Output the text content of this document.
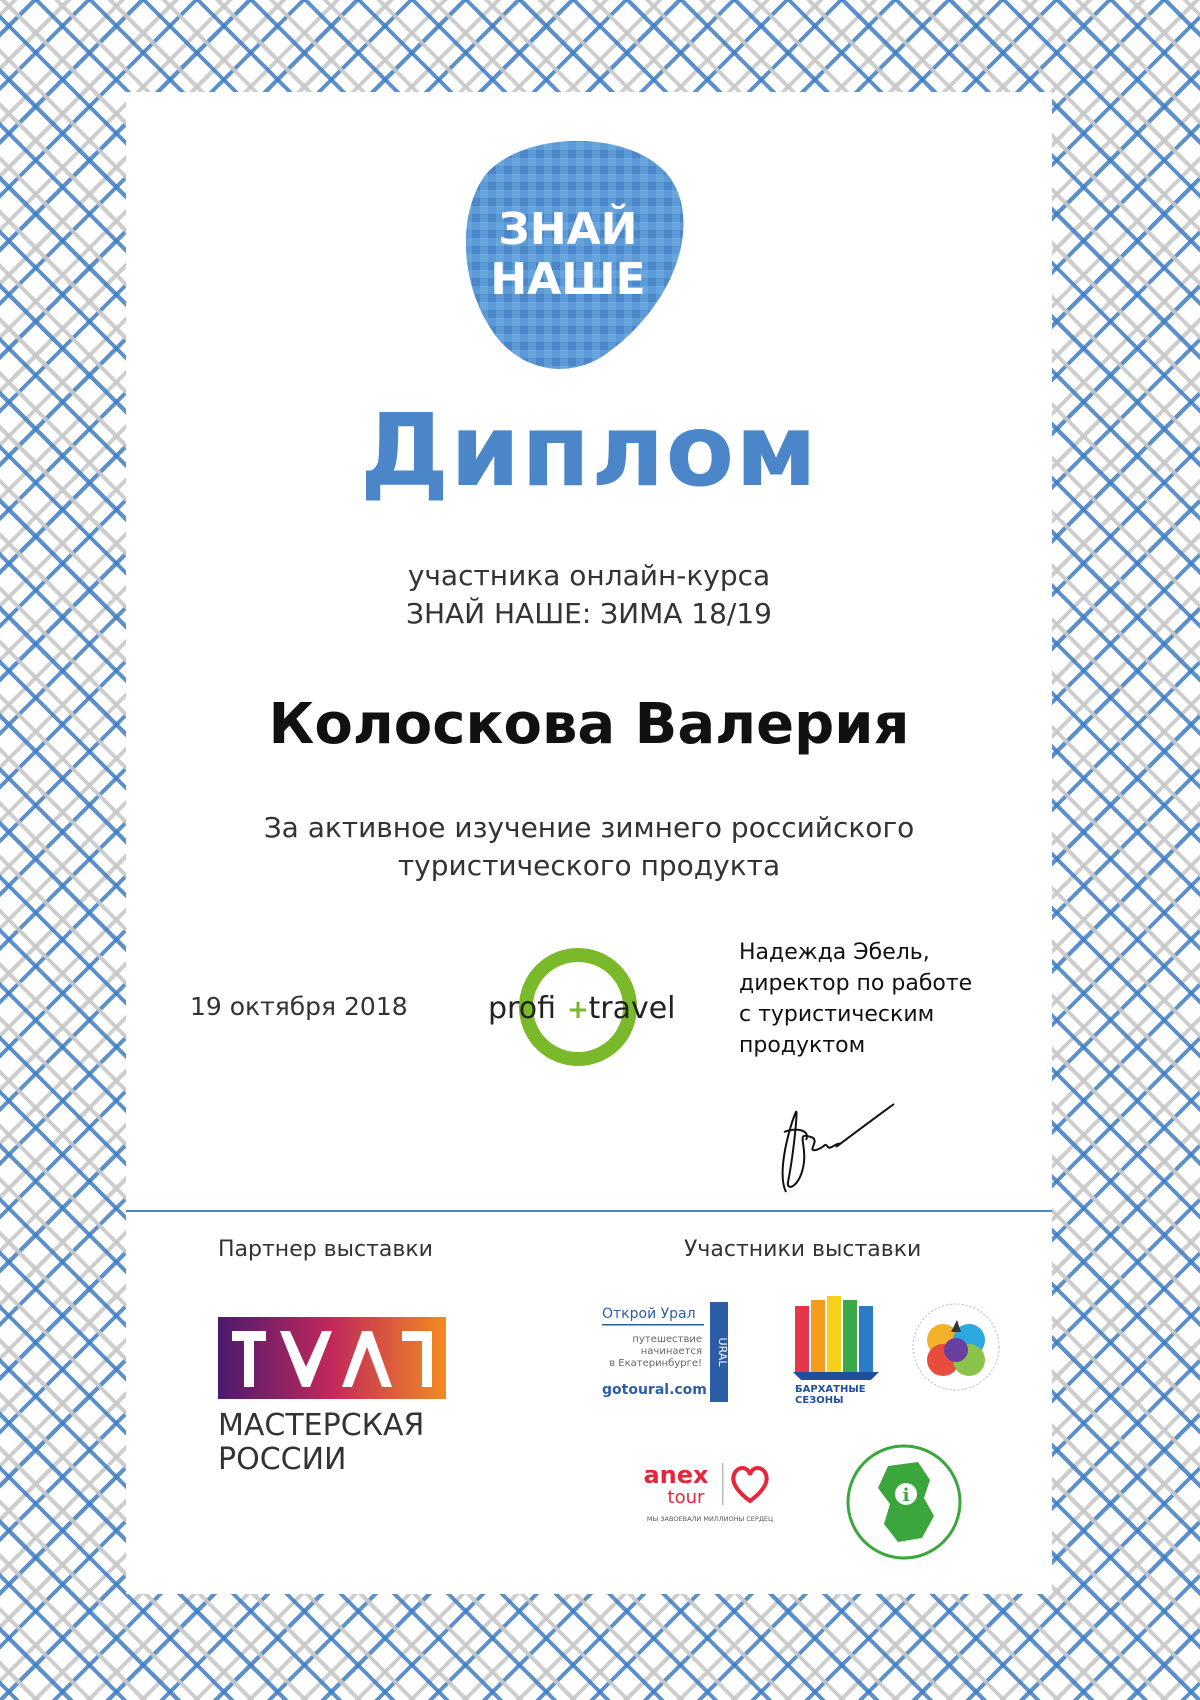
ЗНАЙ
НАШЕ
Диплом
участника онлайн-курса
ЗНАЙ НАШЕ: ЗИМА 18/19
Колоскова Валерия
За активное изучение зимнего российского
туристического продукта
19 октября 2018	profi + travel
Надежда Эбель,
директор по работе
с туристическим
продуктом
Партнер выставки	Участники выставки
МАСТЕРСКАЯ
РОССИИ
Открой Урал
путешествие
начинается
в Екатеринбурге!
gotoural.com
URAL
БАРХАТНЫЕ
СЕЗОНЫ
anex
tour
МЫ ЗАВОЕВАЛИ МИЛЛИОНЫ СЕРДЕЦ
i
